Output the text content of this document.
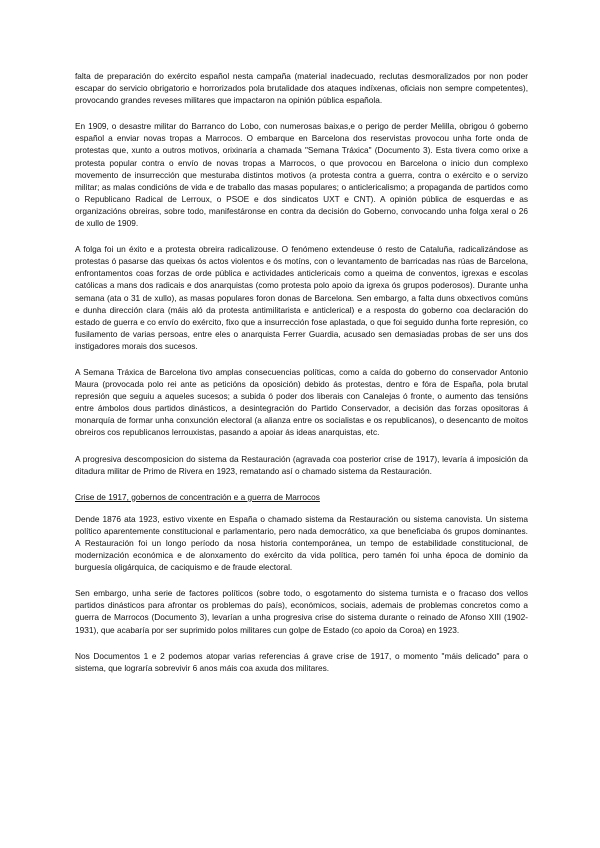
falta de preparación do exército español nesta campaña (material inadecuado, reclutas desmoralizados por non poder escapar do servicio obrigatorio e horrorizados pola brutalidade dos ataques indíxenas, oficiais non sempre competentes), provocando grandes reveses militares que impactaron na opinión pública española.

En 1909, o desastre militar do Barranco do Lobo, con numerosas baixas,e o perigo de perder Melilla, obrigou ó goberno español a enviar novas tropas a Marrocos. O embarque en Barcelona dos reservistas provocou unha forte onda de protestas que, xunto a outros motivos, orixinaría a chamada "Semana Tráxica" (Documento 3). Esta tivera como orixe a protesta popular contra o envío de novas tropas a Marrocos, o que provocou en Barcelona o inicio dun complexo movemento de insurrección que mesturaba distintos motivos (a protesta contra a guerra, contra o exército e o servizo militar; as malas condicións de vida e de traballo das masas populares; o anticlericalismo; a propaganda de partidos como o Republicano Radical de Lerroux, o PSOE e dos sindicatos UXT e CNT). A opinión pública de esquerdas e as organizacións obreiras, sobre todo, manifestáronse en contra da decisión do Goberno, convocando unha folga xeral o 26 de xullo de 1909.

A folga foi un éxito e a protesta obreira radicalizouse. O fenómeno extendeuse ó resto de Cataluña, radicalizándose as protestas ó pasarse das queixas ós actos violentos e ós motíns, con o levantamento de barricadas nas rúas de Barcelona, enfrontamentos coas forzas de orde pública e actividades anticlericais como a queima de conventos, igrexas e escolas católicas a mans dos radicais e dos anarquistas (como protesta polo apoio da igrexa ós grupos poderosos). Durante unha semana (ata o 31 de xullo), as masas populares foron donas de Barcelona. Sen embargo, a falta duns obxectivos comúns e dunha dirección clara (máis aló da protesta antimilitarista e anticlerical) e a resposta do goberno coa declaración do estado de guerra e co envío do exército, fixo que a insurrección fose aplastada, o que foi seguido dunha forte represión, co fusilamento de varias persoas, entre eles o anarquista Ferrer Guardia, acusado sen demasiadas probas de ser uns dos instigadores morais dos sucesos.

A Semana Tráxica de Barcelona tivo amplas consecuencias políticas, como a caída do goberno do conservador Antonio Maura (provocada polo rei ante as peticións da oposición) debido ás protestas, dentro e fóra de España, pola brutal represión que seguiu a aqueles sucesos; a subida ó poder dos liberais con Canalejas ó fronte, o aumento das tensións entre ámbolos dous partidos dinásticos, a desintegración do Partido Conservador, a decisión das forzas opositoras á monarquía de formar unha conxunción electoral (a alianza entre os socialistas e os republicanos), o desencanto de moitos obreiros cos republicanos lerrouxistas, pasando a apoiar ás ideas anarquistas, etc.

A progresiva descomposicion do sistema da Restauración (agravada coa posterior crise de 1917), levaría á imposición da ditadura militar de Primo de Rivera en 1923, rematando así o chamado sistema da Restauración.

Crise de 1917, gobernos de concentración e a guerra de Marrocos

Dende 1876 ata 1923, estivo vixente en España o chamado sistema da Restauración ou sistema canovista. Un sistema político aparentemente constitucional e parlamentario, pero nada democrático, xa que beneficiaba ós grupos dominantes. A Restauración foi un longo período da nosa historia contemporánea, un tempo de estabilidade constitucional, de modernización económica e de alonxamento do exército da vida política, pero tamén foi unha época de dominio da burguesía oligárquica, de caciquismo e de fraude electoral.

Sen embargo, unha serie de factores políticos (sobre todo, o esgotamento do sistema turnista e o fracaso dos vellos partidos dinásticos para afrontar os problemas do país), económicos, sociais, ademais de problemas concretos como a guerra de Marrocos (Documento 3), levarían a unha progresiva crise do sistema durante o reinado de Afonso XIII (1902-1931), que acabaría por ser suprimido polos militares cun golpe de Estado (co apoio da Coroa) en 1923.

Nos Documentos 1 e 2 podemos atopar varias referencias á grave crise de 1917, o momento "máis delicado" para o sistema, que lograría sobrevivir 6 anos máis coa axuda dos militares.
